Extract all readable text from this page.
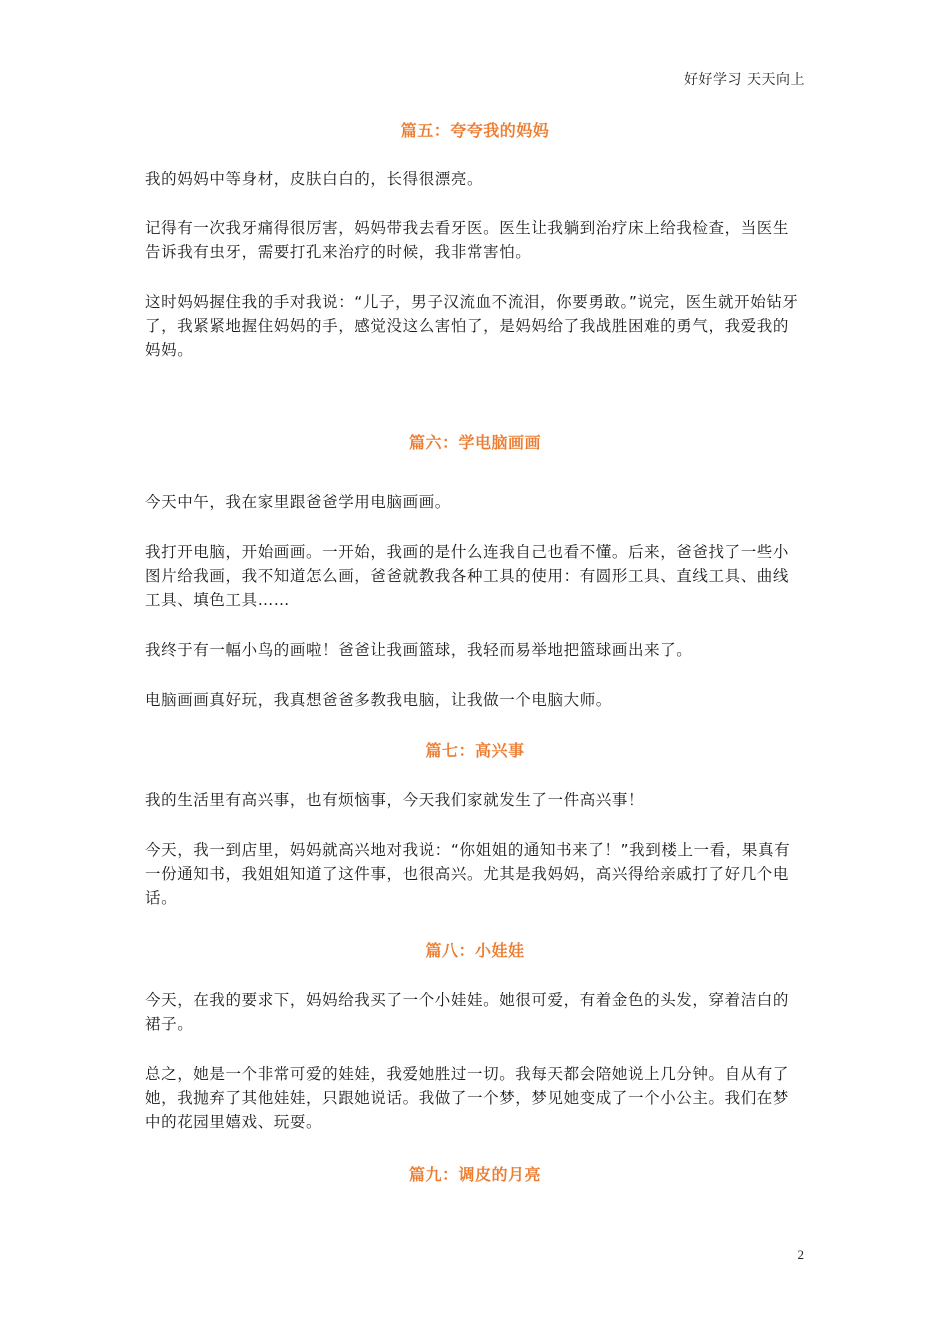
好好学习 天天向上
篇五：夸夸我的妈妈
我的妈妈中等身材，皮肤白白的，长得很漂亮。
记得有一次我牙痛得很厉害，妈妈带我去看牙医。医生让我躺到治疗床上给我检查，当医生告诉我有虫牙，需要打孔来治疗的时候，我非常害怕。
这时妈妈握住我的手对我说：“儿子，男子汉流血不流泪，你要勇敢。”说完，医生就开始钻牙了，我紧紧地握住妈妈的手，感觉没这么害怕了，是妈妈给了我战胜困难的勇气，我爱我的妈妈。
篇六：学电脑画画
今天中午，我在家里跟爸爸学用电脑画画。
我打开电脑，开始画画。一开始，我画的是什么连我自己也看不懂。后来，爸爸找了一些小图片给我画，我不知道怎么画，爸爸就教我各种工具的使用：有圆形工具、直线工具、曲线工具、填色工具……
我终于有一幅小鸟的画啦！爸爸让我画篮球，我轻而易举地把篮球画出来了。
电脑画画真好玩，我真想爸爸多教我电脑，让我做一个电脑大师。
篇七：高兴事
我的生活里有高兴事，也有烦恼事，今天我们家就发生了一件高兴事！
今天，我一到店里，妈妈就高兴地对我说：“你姐姐的通知书来了！”我到楼上一看，果真有一份通知书，我姐姐知道了这件事，也很高兴。尤其是我妈妈，高兴得给亲戚打了好几个电话。
篇八：小娃娃
今天，在我的要求下，妈妈给我买了一个小娃娃。她很可爱，有着金色的头发，穿着洁白的裙子。
总之，她是一个非常可爱的娃娃，我爱她胜过一切。我每天都会陪她说上几分钟。自从有了她，我抛弃了其他娃娃，只跟她说话。我做了一个梦，梦见她变成了一个小公主。我们在梦中的花园里嬉戏、玩耍。
篇九：调皮的月亮
2
